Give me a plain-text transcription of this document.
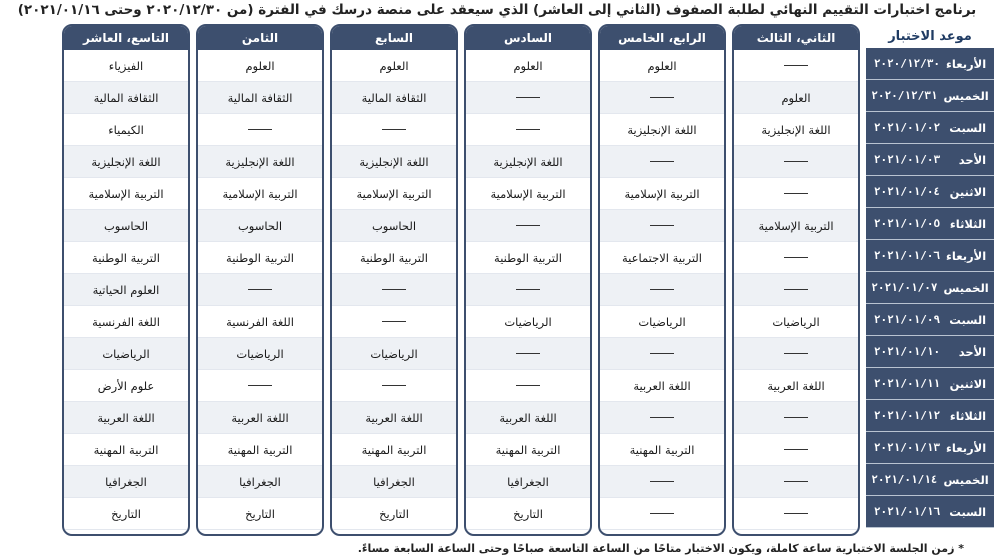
برنامج اختبارات التقييم النهائي لطلبة الصفوف (الثاني إلى العاشر) الذي سيعقد على منصة درسك في الفترة (من ٢٠٢٠/١٢/٣٠ وحتى ٢٠٢١/٠١/١٦)
موعد الاختبار
الأربعاء
٢٠٢٠/١٢/٣٠
الخميس
٢٠٢٠/١٢/٣١
السبت
٢٠٢١/٠١/٠٢
الأحد
٢٠٢١/٠١/٠٣
الاثنين
٢٠٢١/٠١/٠٤
الثلاثاء
٢٠٢١/٠١/٠٥
الأربعاء
٢٠٢١/٠١/٠٦
الخميس
٢٠٢١/٠١/٠٧
السبت
٢٠٢١/٠١/٠٩
الأحد
٢٠٢١/٠١/١٠
الاثنين
٢٠٢١/٠١/١١
الثلاثاء
٢٠٢١/٠١/١٢
الأربعاء
٢٠٢١/٠١/١٣
الخميس
٢٠٢١/٠١/١٤
السبت
٢٠٢١/٠١/١٦
الثاني، الثالث
العلوم
اللغة الإنجليزية
التربية الإسلامية
الرياضيات
اللغة العربية
الرابع، الخامس
العلوم
اللغة الإنجليزية
التربية الإسلامية
التربية الاجتماعية
الرياضيات
اللغة العربية
التربية المهنية
السادس
العلوم
اللغة الإنجليزية
التربية الإسلامية
التربية الوطنية
الرياضيات
اللغة العربية
التربية المهنية
الجغرافيا
التاريخ
السابع
العلوم
الثقافة المالية
اللغة الإنجليزية
التربية الإسلامية
الحاسوب
التربية الوطنية
الرياضيات
اللغة العربية
التربية المهنية
الجغرافيا
التاريخ
الثامن
العلوم
الثقافة المالية
اللغة الإنجليزية
التربية الإسلامية
الحاسوب
التربية الوطنية
اللغة الفرنسية
الرياضيات
اللغة العربية
التربية المهنية
الجغرافيا
التاريخ
التاسع، العاشر
الفيزياء
الثقافة المالية
الكيمياء
اللغة الإنجليزية
التربية الإسلامية
الحاسوب
التربية الوطنية
العلوم الحياتية
اللغة الفرنسية
الرياضيات
علوم الأرض
اللغة العربية
التربية المهنية
الجغرافيا
التاريخ
* زمن الجلسة الاختبارية ساعة كاملة، ويكون الاختبار متاحًا من الساعة التاسعة صباحًا وحتى الساعة السابعة مساءً.
